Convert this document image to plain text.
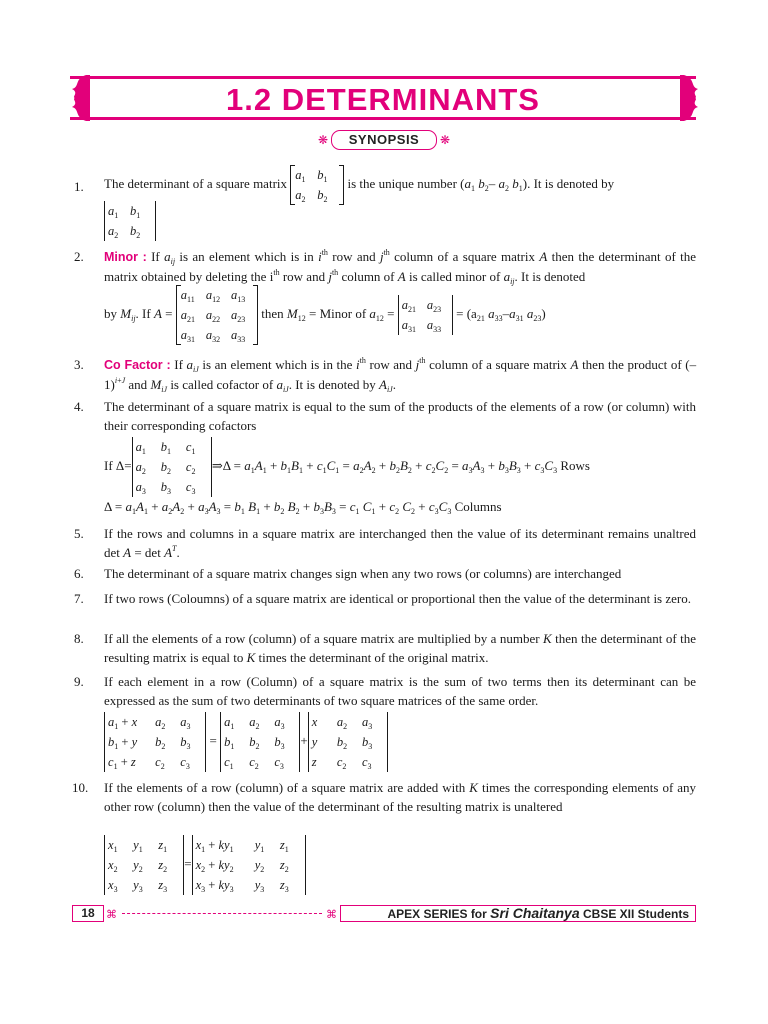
1.2 DETERMINANTS
❋	SYNOPSIS	❋
1. The determinant of a square matrix
$a_1$ $b_1$
$a_2$ $b_2$
is the unique number ($a_1$ $b_2-$ $a_2$ $b_1$). It is denoted by
$a_1$ $b_1$
$a_2$ $b_2$
2. Minor : If $a_{ij}$ is an element which is in $i^{th}$ row and $j^{th}$ column of a square matrix A then the determinant of the matrix obtained by deleting the $i^{th}$ row and $j^{th}$ column of A is called minor of $a_{ij}$. It is denoted
by $M_{ij}$. If A =
$a_{11}$ $a_{12}$ $a_{13}$
$a_{21}$ $a_{22}$ $a_{23}$
$a_{31}$ $a_{32}$ $a_{33}$
then $M_{12}$ = Minor of $a_{12}$ =
$a_{21}$ $a_{23}$
$a_{31}$ $a_{33}$
= ($a_{21}$ $a_{33}-a_{31}$ $a_{23}$)
3. Co Factor : If $a_{iJ}$ is an element which is in the $i^{th}$ row and $j^{th}$ column of a square matrix A then the product of $(-1)^{i+J}$ and $M_{iJ}$ is called cofactor of $a_{iJ}$. It is denoted by $A_{iJ}$.
4. The determinant of a square matrix is equal to the sum of the products of the elements of a row (or column) with their corresponding cofactors
If Δ=
$a_1$ $b_1$ $c_1$
$a_2$ $b_2$ $c_2$
$a_3$ $b_3$ $c_3$
⇒Δ = $a_1A_1 + b_1B_1 + c_1C_1 = a_2A_2 + b_2B_2 + c_2C_2 = a_3A_3 + b_3B_3 + c_3C_3$ Rows
$\Delta = a_1A_1 + a_2A_2 + a_3A_3 = b_1$ $B_1 + b_2$ $B_2 + b_3B_3 = c_1$ $C_1 + c_2$ $C_2 + c_3C_3$ Columns
5. If the rows and columns in a square matrix are interchanged then the value of its determinant remains unaltred $\det A = \det A^T$.
6. The determinant of a square matrix changes sign when any two rows (or columns) are interchanged
7. If two rows (Coloumns) of a square matrix are identical or proportional then the value of the determinant is zero.
8. If all the elements of a row (column) of a square matrix are multiplied by a number K then the determinant of the resulting matrix is equal to K times the determinant of the original matrix.
9. If each element in a row (Column) of a square matrix is the sum of two terms then its determinant can be expressed as the sum of two determinants of two square matrices of the same order.
$a_1 + x$ $a_2$ $a_3$
$b_1 + y$ $b_2$ $b_3$
$c_1 + z$ $c_2$ $c_3$
=
$a_1$ $a_2$ $a_3$
$b_1$ $b_2$ $b_3$
$c_1$ $c_2$ $c_3$
+
x $a_2$ $a_3$
y $b_2$ $b_3$
z $c_2$ $c_3$
10. If the elements of a row (column) of a square matrix are added with K times the corresponding elements of any other row (column) then the value of the determinant of the resulting matrix is unaltered
$x_1$ $y_1$ $z_1$
$x_2$ $y_2$ $z_2$
$x_3$ $y_3$ $z_3$
=
$x_1 + ky_1$ $y_1$ $z_1$
$x_2 + ky_2$ $y_2$ $z_2$
$x_3 + ky_3$ $y_3$ $z_3$
18	⌘	⌘	APEX SERIES for Sri Chaitanya CBSE XII Students
